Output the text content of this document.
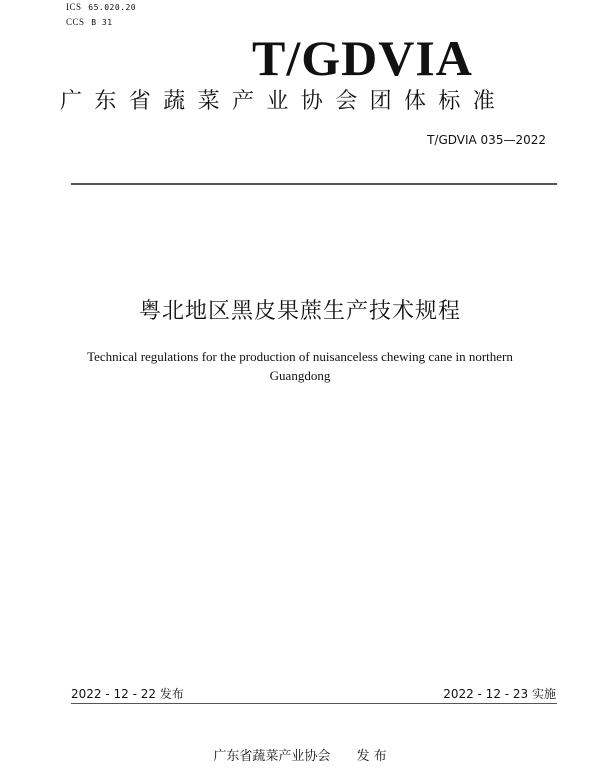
ICS 65.020.20
CCS B 31
T/GDVIA
广东省蔬菜产业协会团体标准
T/GDVIA 035—2022
粤北地区黑皮果蔗生产技术规程
Technical regulations for the production of nuisanceless chewing cane in northern
Guangdong
2022 - 12 - 22 发布	2022 - 12 - 23 实施
广东省蔬菜产业协会 发 布
